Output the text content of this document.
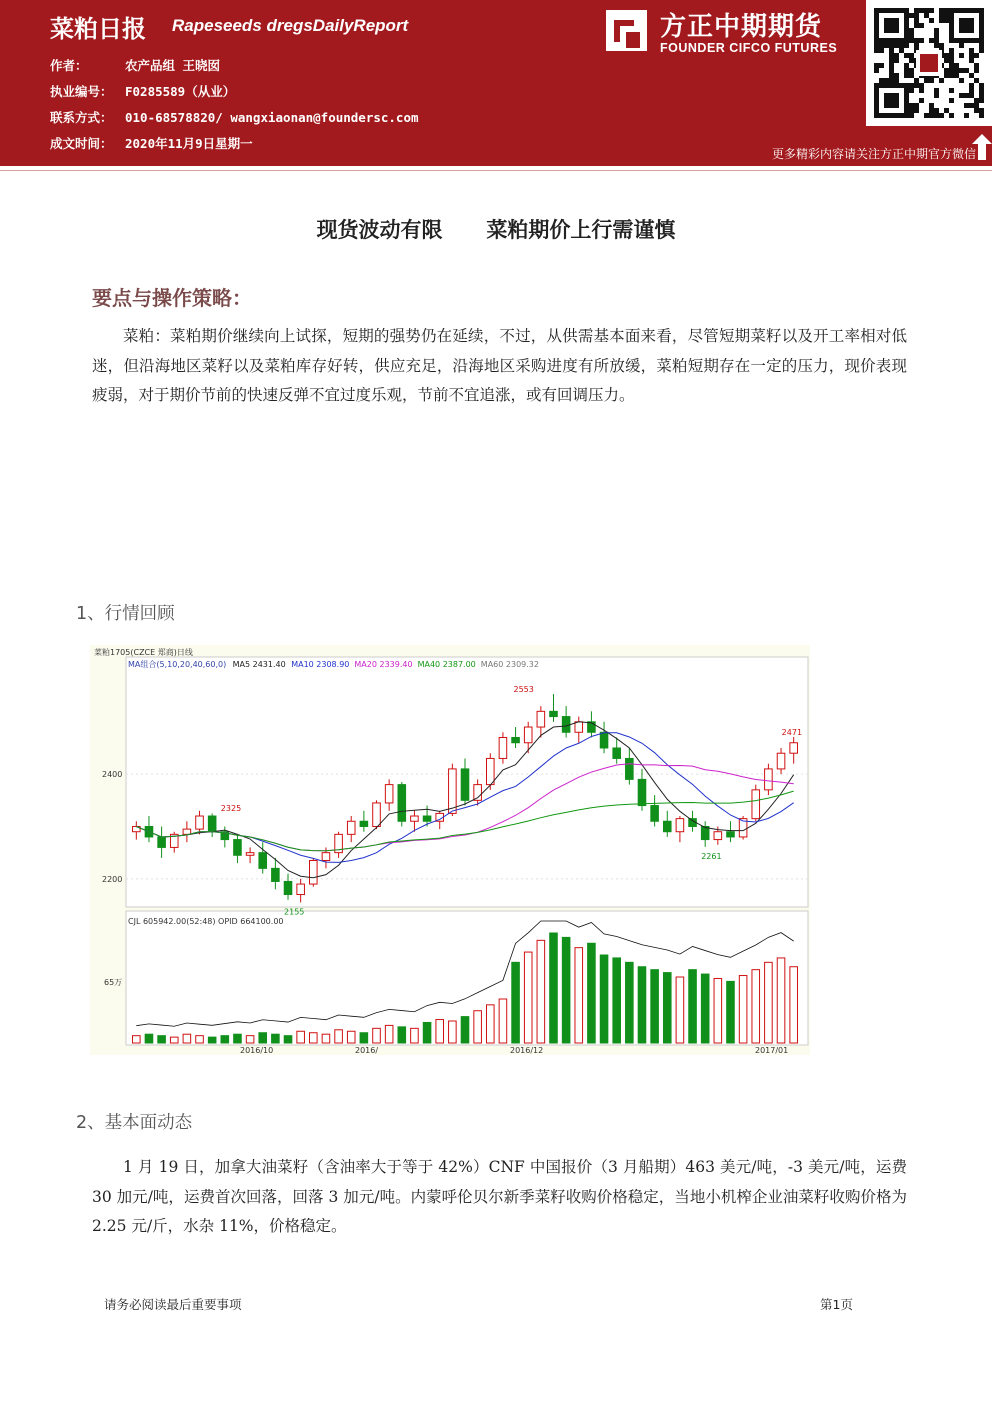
菜粕日报 Rapeseeds dregsDailyReport
作者：	农产品组 王晓囡
执业编号： F0285589（从业）
联系方式： 010-68578820/ wangxiaonan@foundersc.com
成文时间： 2020年11月9日星期一
方正中期期货
FOUNDER CIFCO FUTURES
更多精彩内容请关注方正中期官方微信
现货波动有限      菜粕期价上行需谨慎
要点与操作策略：
菜粕：菜粕期价继续向上试探，短期的强势仍在延续，不过，从供需基本面来看，尽管短期菜籽以及开工率相对低迷，但沿海地区菜籽以及菜粕库存好转，供应充足，沿海地区采购进度有所放缓，菜粕短期存在一定的压力，现价表现疲弱，对于期价节前的快速反弹不宜过度乐观，节前不宜追涨，或有回调压力。
1、行情回顾
菜粕1705(CZCE 郑商)日线
MA组合(5,10,20,40,60,0) MA5 2431.40 MA10 2308.90 MA20 2339.40 MA40 2387.00 MA60 2309.32
2400
2200
2553
2325
2155
2261
2471
CJL 605942.00(52:48) OPID 664100.00
65万
2016/10	2016/	2016/12	2017/01
2、基本面动态
1 月 19 日，加拿大油菜籽（含油率大于等于 42%）CNF 中国报价（3 月船期）463 美元/吨，-3 美元/吨，运费 30 加元/吨，运费首次回落，回落 3 加元/吨。内蒙呼伦贝尔新季菜籽收购价格稳定，当地小机榨企业油菜籽收购价格为 2.25 元/斤，水杂 11%，价格稳定。
请务必阅读最后重要事项	第1页
